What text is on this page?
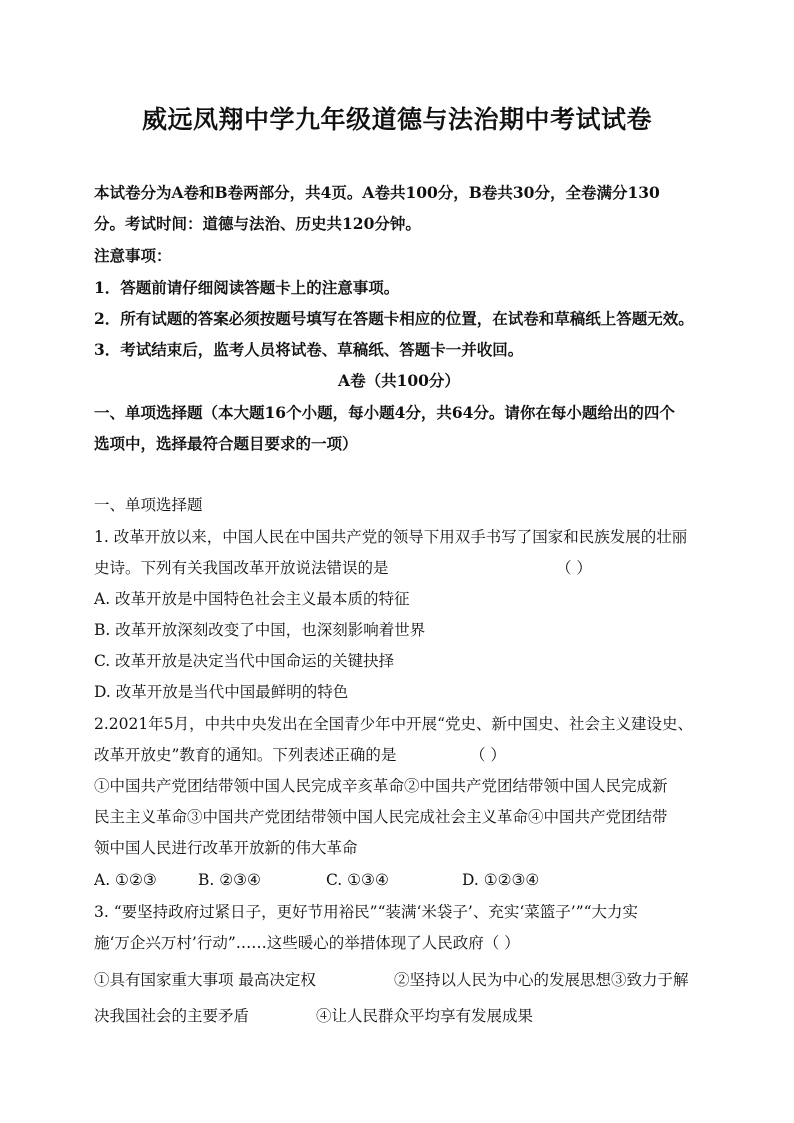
威远凤翔中学九年级道德与法治期中考试试卷
本试卷分为A卷和B卷两部分，共4页。A卷共100分，B卷共30分，全卷满分130
分。考试时间：道德与法治、历史共120分钟。
注意事项：
1．答题前请仔细阅读答题卡上的注意事项。
2．所有试题的答案必须按题号填写在答题卡相应的位置，在试卷和草稿纸上答题无效。
3．考试结束后，监考人员将试卷、草稿纸、答题卡一并收回。
A卷（共100分）
一、单项选择题（本大题16个小题，每小题4分，共64分。请你在每小题给出的四个
选项中，选择最符合题目要求的一项）
一、单项选择题
1. 改革开放以来，中国人民在中国共产党的领导下用双手书写了国家和民族发展的壮丽
史诗。下列有关我国改革开放说法错误的是	（ ）
A. 改革开放是中国特色社会主义最本质的特征
B. 改革开放深刻改变了中国，也深刻影响着世界
C. 改革开放是决定当代中国命运的关键抉择
D. 改革开放是当代中国最鲜明的特色
2.2021年5月，中共中央发出在全国青少年中开展“党史、新中国史、社会主义建设史、
改革开放史”教育的通知。下列表述正确的是	（ ）
①中国共产党团结带领中国人民完成辛亥革命②中国共产党团结带领中国人民完成新
民主主义革命③中国共产党团结带领中国人民完成社会主义革命④中国共产党团结带
领中国人民进行改革开放新的伟大革命
A. ①②③	B. ②③④	C. ①③④	D. ①②③④
3. “要坚持政府过紧日子，更好节用裕民”“装满‘米袋子’、充实‘菜篮子’”“大力实
施‘万企兴万村’行动”……这些暖心的举措体现了人民政府（ ）
①具有国家重大事项 最高决定权	②坚持以人民为中心的发展思想③致力于解
决我国社会的主要矛盾	④让人民群众平均享有发展成果
